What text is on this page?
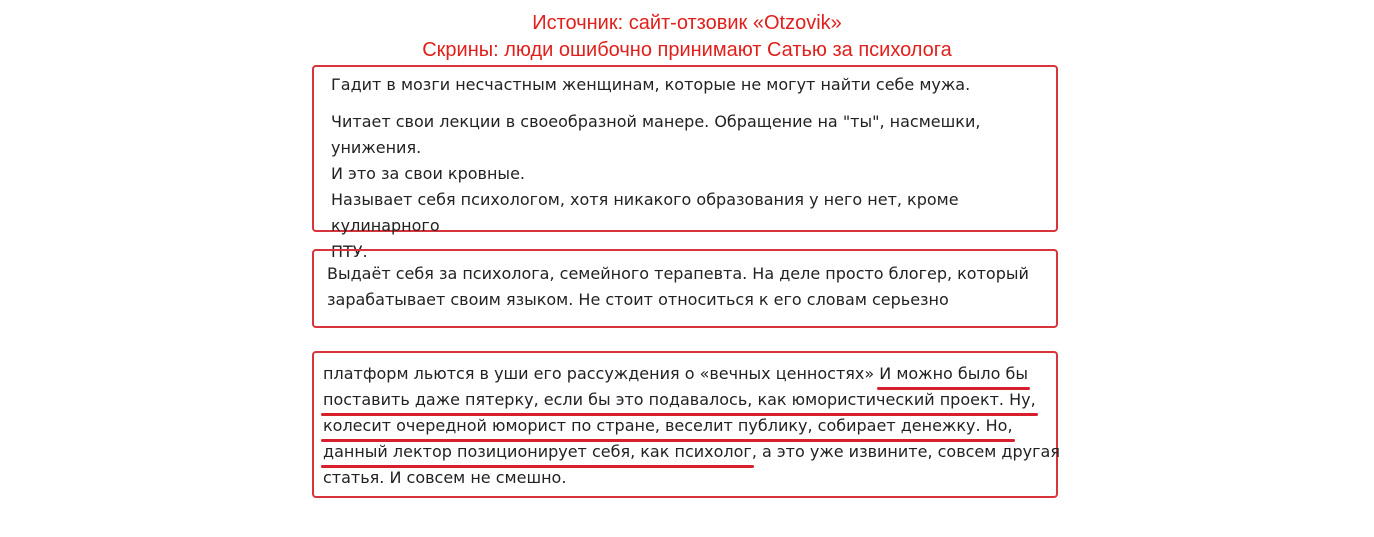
Источник: сайт-отзовик «Otzovik»
Скрины: люди ошибочно принимают Сатью за психолога

Гадит в мозги несчастным женщинам, которые не могут найти себе мужа.

Читает свои лекции в своеобразной манере. Обращение на "ты", насмешки, унижения.

И это за свои кровные.

Называет себя психологом, хотя никакого образования у него нет, кроме кулинарного

ПТУ.

Выдаёт себя за психолога, семейного терапевта. На деле просто блогер, который
зарабатывает своим языком. Не стоит относиться к его словам серьезно
платформ льются в уши его рассуждения о «вечных ценностях» И можно было бы
поставить даже пятерку, если бы это подавалось, как юмористический проект. Ну,
колесит очередной юморист по стране, веселит публику, собирает денежку. Но,
данный лектор позиционирует себя, как психолог, а это уже извините, совсем другая
статья. И совсем не смешно.
